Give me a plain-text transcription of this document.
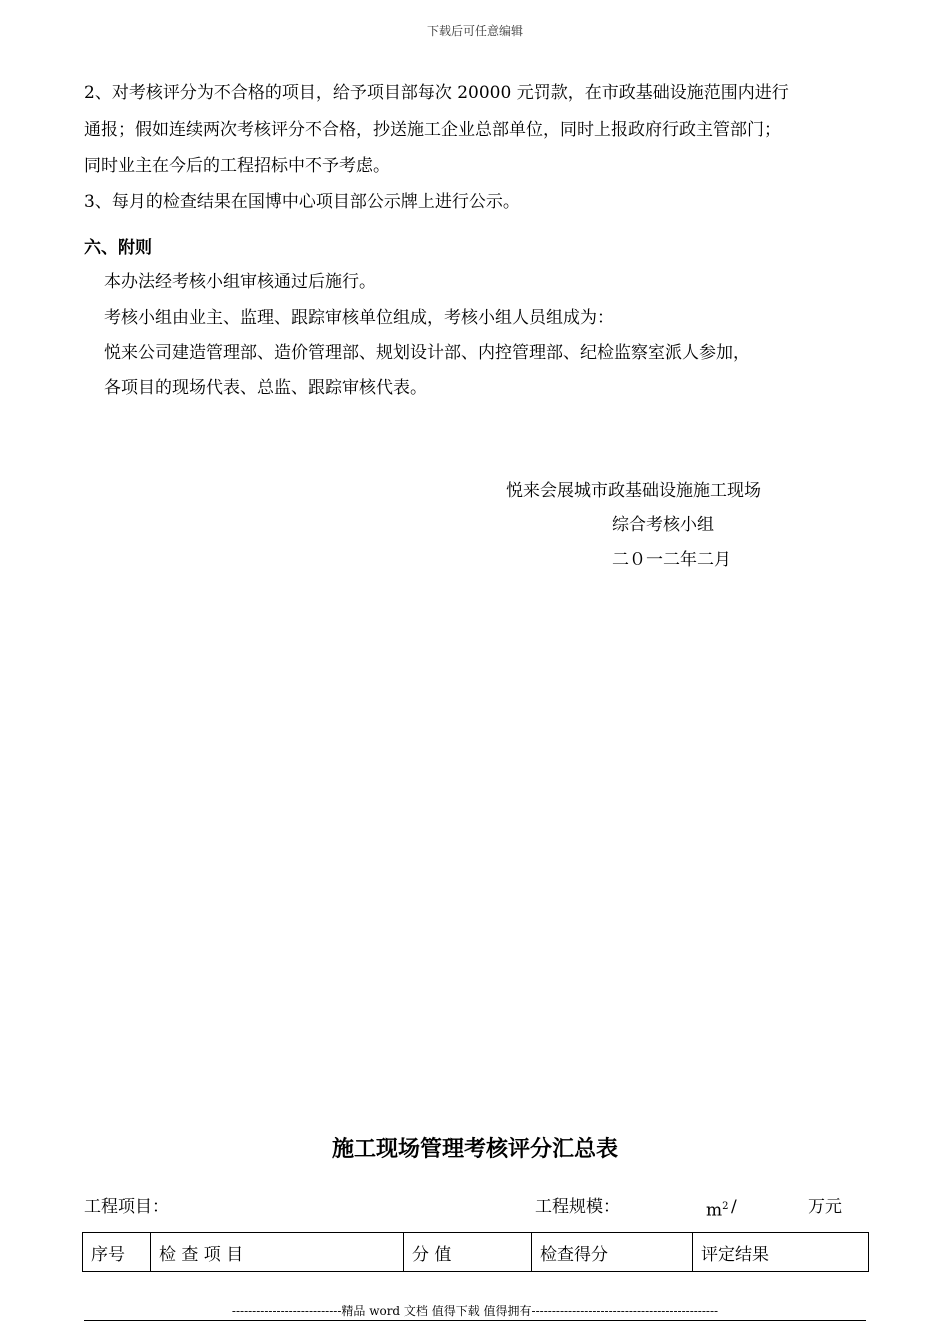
下载后可任意编辑
2、对考核评分为不合格的项目，给予项目部每次 20000 元罚款，在市政基础设施范围内进行
通报；假如连续两次考核评分不合格，抄送施工企业总部单位，同时上报政府行政主管部门；
同时业主在今后的工程招标中不予考虑。
3、每月的检查结果在国博中心项目部公示牌上进行公示。
六、附则
本办法经考核小组审核通过后施行。
考核小组由业主、监理、跟踪审核单位组成，考核小组人员组成为：
悦来公司建造管理部、造价管理部、规划设计部、内控管理部、纪检监察室派人参加，
各项目的现场代表、总监、跟踪审核代表。
悦来会展城市政基础设施施工现场
综合考核小组
二０一二年二月
施工现场管理考核评分汇总表
工程项目：	工程规模：	$m^2$ /	万元
序号	检 查 项 目	分 值	检查得分	评定结果
---------------------------精品 word 文档 值得下载 值得拥有----------------------------------------------
